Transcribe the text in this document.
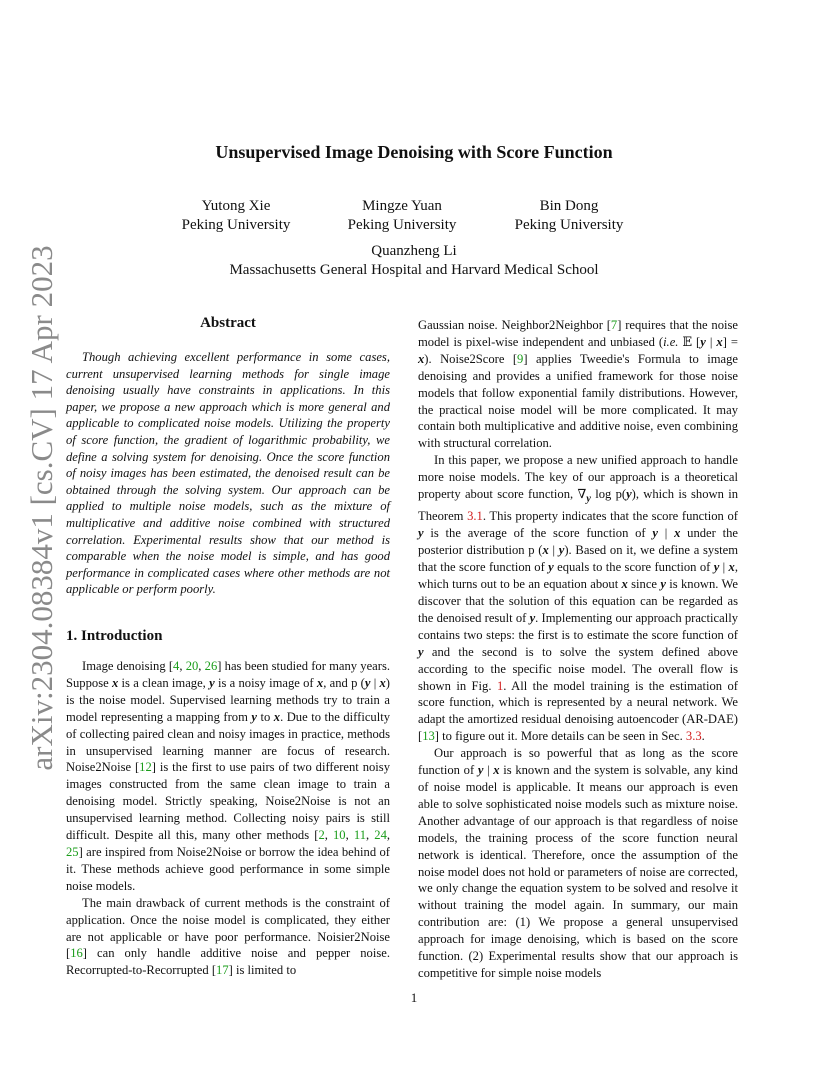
Unsupervised Image Denoising with Score Function
Yutong Xie
Peking University
Mingze Yuan
Peking University
Bin Dong
Peking University
Quanzheng Li
Massachusetts General Hospital and Harvard Medical School
arXiv:2304.08384v1 [cs.CV] 17 Apr 2023	Abstract
Though achieving excellent performance in some cases, current unsupervised learning methods for single image denoising usually have constraints in applications. In this paper, we propose a new approach which is more general and applicable to complicated noise models. Utilizing the property of score function, the gradient of logarithmic probability, we define a solving system for denoising. Once the score function of noisy images has been estimated, the denoised result can be obtained through the solving system. Our approach can be applied to multiple noise models, such as the mixture of multiplicative and additive noise combined with structured correlation. Experimental results show that our method is comparable when the noise model is simple, and has good performance in complicated cases where other methods are not applicable or perform poorly.
1. Introduction

Image denoising [4, 20, 26] has been studied for many years. Suppose x is a clean image, y is a noisy image of x, and p (y | x) is the noise model. Supervised learning methods try to train a model representing a mapping from y to x. Due to the difficulty of collecting paired clean and noisy images in practice, methods in unsupervised learning manner are focus of research. Noise2Noise [12] is the first to use pairs of two different noisy images constructed from the same clean image to train a denoising model. Strictly speaking, Noise2Noise is not an unsupervised learning method. Collecting noisy pairs is still difficult. Despite all this, many other methods [2, 10, 11, 24, 25] are inspired from Noise2Noise or borrow the idea behind of it. These methods achieve good performance in some simple noise models.

The main drawback of current methods is the constraint of application. Once the noise model is complicated, they either are not applicable or have poor performance. Noisier2Noise [16] can only handle additive noise and pepper noise. Recorrupted-to-Recorrupted [17] is limited to

Gaussian noise. Neighbor2Neighbor [7] requires that the noise model is pixel-wise independent and unbiased (i.e. 𝔼 [y | x] = x). Noise2Score [9] applies Tweedie's Formula to image denoising and provides a unified framework for those noise models that follow exponential family distributions. However, the practical noise model will be more complicated. It may contain both multiplicative and additive noise, even combining with structural correlation.

In this paper, we propose a new unified approach to handle more noise models. The key of our approach is a theoretical property about score function, $\nabla_y$ log p(y), which is shown in Theorem 3.1. This property indicates that the score function of y is the average of the score function of y | x under the posterior distribution p (x | y). Based on it, we define a system that the score function of y equals to the score function of y | x, which turns out to be an equation about x since y is known. We discover that the solution of this equation can be regarded as the denoised result of y. Implementing our approach practically contains two steps: the first is to estimate the score function of y and the second is to solve the system defined above according to the specific noise model. The overall flow is shown in Fig. 1. All the model training is the estimation of score function, which is represented by a neural network. We adapt the amortized residual denoising autoencoder (AR-DAE) [13] to figure out it. More details can be seen in Sec. 3.3.

Our approach is so powerful that as long as the score function of y | x is known and the system is solvable, any kind of noise model is applicable. It means our approach is even able to solve sophisticated noise models such as mixture noise. Another advantage of our approach is that regardless of noise models, the training process of the score function neural network is identical. Therefore, once the assumption of the noise model does not hold or parameters of noise are corrected, we only change the equation system to be solved and resolve it without training the model again. In summary, our main contribution are: (1) We propose a general unsupervised approach for image denoising, which is based on the score function. (2) Experimental results show that our approach is competitive for simple noise models

1
